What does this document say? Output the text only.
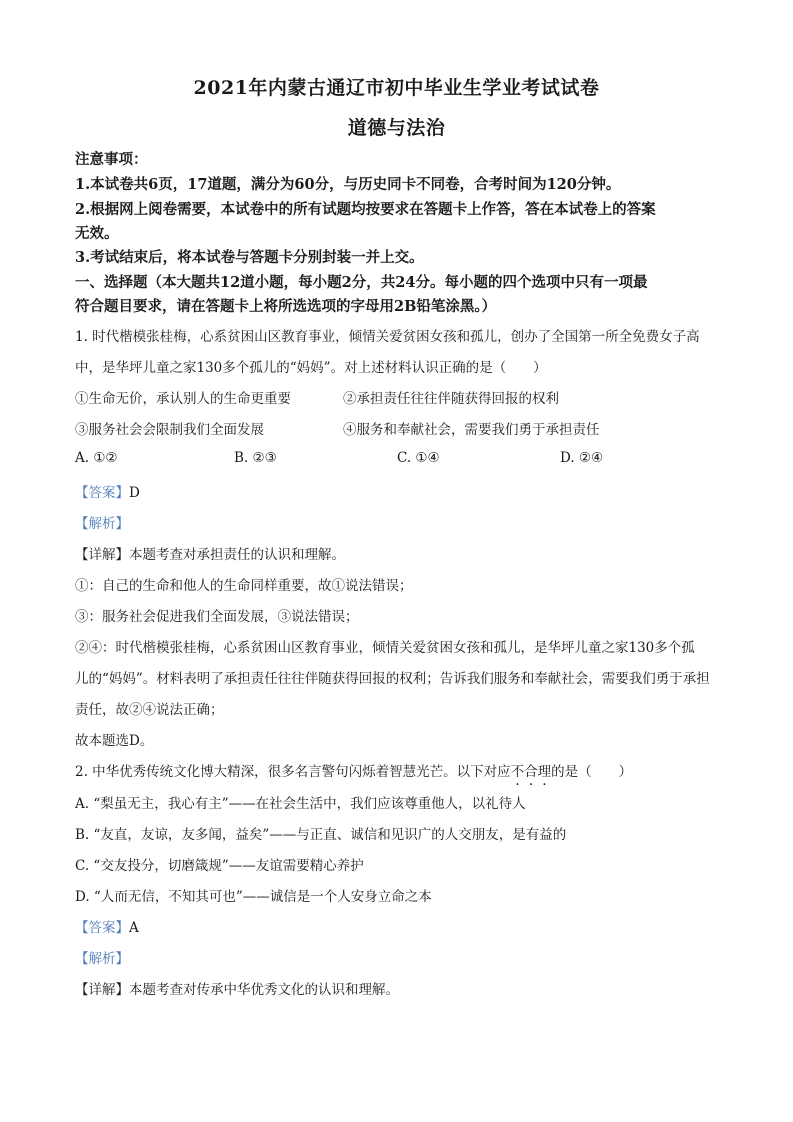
2021年内蒙古通辽市初中毕业生学业考试试卷
道德与法治
注意事项：
1.本试卷共6页，17道题，满分为60分，与历史同卡不同卷，合考时间为120分钟。
2.根据网上阅卷需要，本试卷中的所有试题均按要求在答题卡上作答，答在本试卷上的答案
无效。
3.考试结束后，将本试卷与答题卡分别封装一并上交。
一、选择题（本大题共12道小题，每小题2分，共24分。每小题的四个选项中只有一项最
符合题目要求，请在答题卡上将所选选项的字母用2B铅笔涂黑。）
1. 时代楷模张桂梅，心系贫困山区教育事业，倾情关爱贫困女孩和孤儿，创办了全国第一所全免费女子高
中，是华坪儿童之家130多个孤儿的“妈妈”。对上述材料认识正确的是（　　）
①生命无价，承认别人的生命更重要	②承担责任往往伴随获得回报的权利
③服务社会会限制我们全面发展	④服务和奉献社会，需要我们勇于承担责任
A. ①②	B. ②③	C. ①④	D. ②④
【答案】D
【解析】
【详解】本题考查对承担责任的认识和理解。
①：自己的生命和他人的生命同样重要，故①说法错误；
③：服务社会促进我们全面发展，③说法错误；
②④：时代楷模张桂梅，心系贫困山区教育事业，倾情关爱贫困女孩和孤儿，是华坪儿童之家130多个孤
儿的“妈妈”。材料表明了承担责任往往伴随获得回报的权利；告诉我们服务和奉献社会，需要我们勇于承担
责任，故②④说法正确；
故本题选D。
2. 中华优秀传统文化博大精深，很多名言警句闪烁着智慧光芒。以下对应不合理的是（　　）
A. “梨虽无主，我心有主”——在社会生活中，我们应该尊重他人，以礼待人
B. “友直，友谅，友多闻，益矣”——与正直、诚信和见识广的人交朋友，是有益的
C. “交友投分，切磨箴规”——友谊需要精心养护
D. “人而无信，不知其可也”——诚信是一个人安身立命之本
【答案】A
【解析】
【详解】本题考查对传承中华优秀文化的认识和理解。
